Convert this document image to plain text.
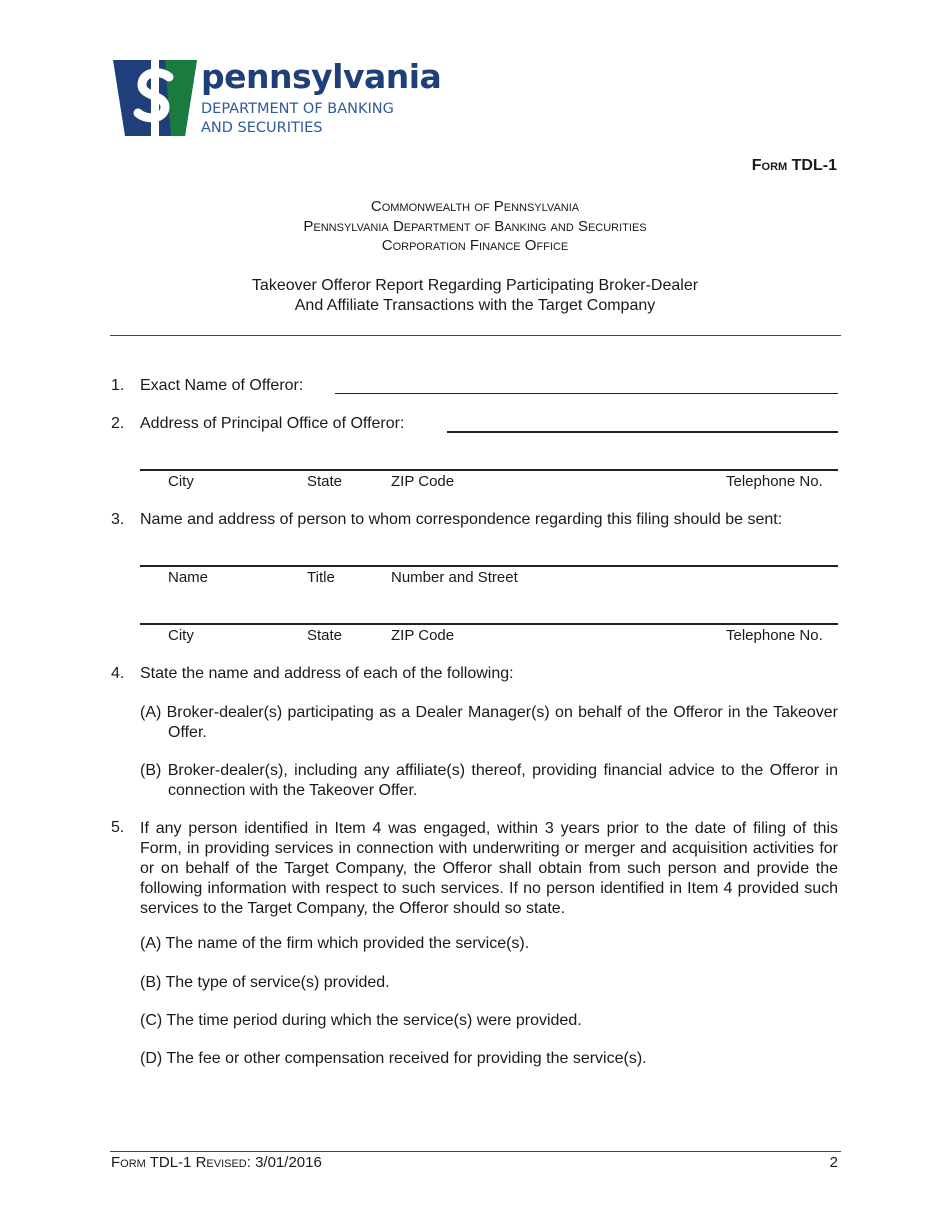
pennsylvania
DEPARTMENT OF BANKING
AND SECURITIES
Form TDL-1
Commonwealth of Pennsylvania
Pennsylvania Department of Banking and Securities
Corporation Finance Office
Takeover Offeror Report Regarding Participating Broker-Dealer
And Affiliate Transactions with the Target Company
1. Exact Name of Offeror:
2. Address of Principal Office of Offeror:
City	State	ZIP Code	Telephone No.
3. Name and address of person to whom correspondence regarding this filing should be sent:
Name	Title	Number and Street
City	State	ZIP Code	Telephone No.
4. State the name and address of each of the following:
(A) Broker-dealer(s) participating as a Dealer Manager(s) on behalf of the Offeror in the Takeover Offer.
(B) Broker-dealer(s), including any affiliate(s) thereof, providing financial advice to the Offeror in connection with the Takeover Offer.
5. If any person identified in Item 4 was engaged, within 3 years prior to the date of filing of this Form, in providing services in connection with underwriting or merger and acquisition activities for or on behalf of the Target Company, the Offeror shall obtain from such person and provide the following information with respect to such services. If no person identified in Item 4 provided such services to the Target Company, the Offeror should so state.
(A) The name of the firm which provided the service(s).
(B) The type of service(s) provided.
(C) The time period during which the service(s) were provided.
(D) The fee or other compensation received for providing the service(s).
Form TDL-1 Revised: 3/01/2016	2
